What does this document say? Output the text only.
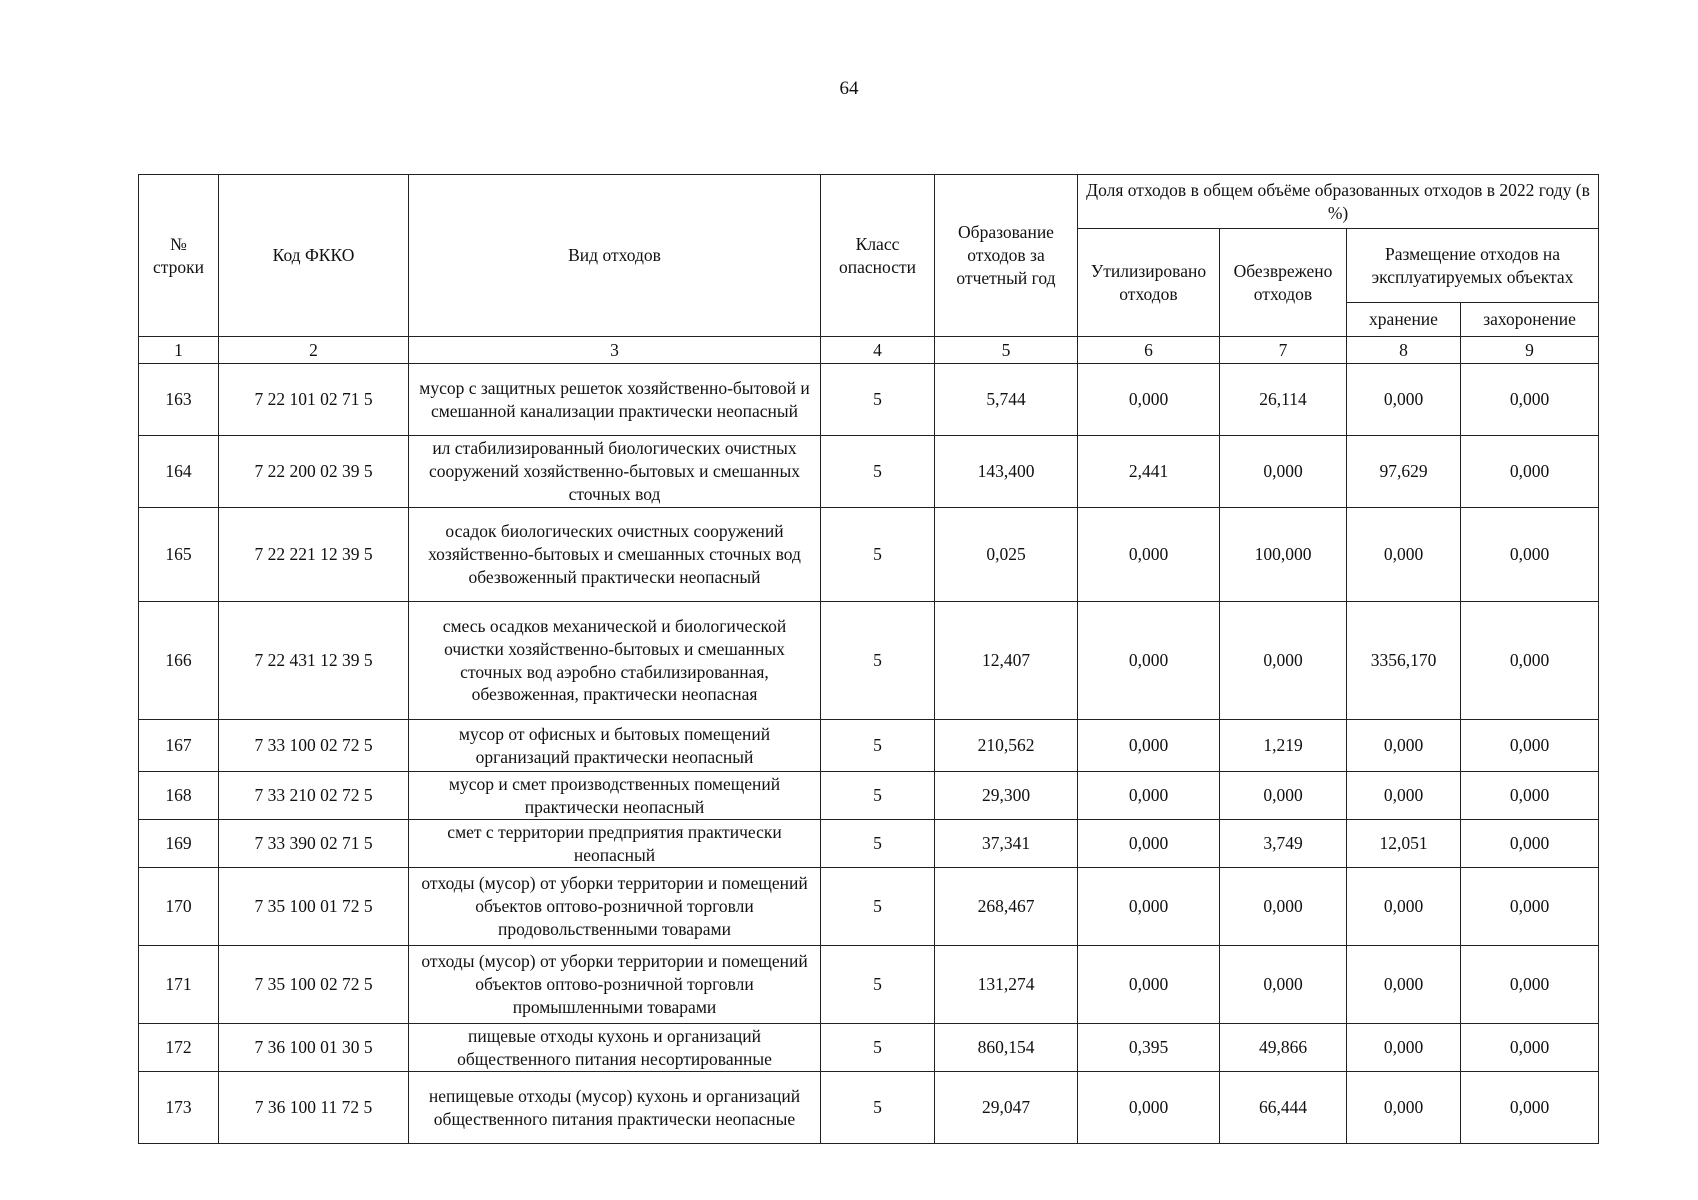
64
№ строки	Код ФККО	Вид отходов	Класс опасности	Образование отходов за отчетный год	Доля отходов в общем объёме образованных отходов в 2022 году (в %)			
					Утилизировано отходов	Обезврежено отходов	Размещение отходов на эксплуатируемых объектах	
							хранение	захоронение
1	2	3	4	5	6	7	8	9
163	7 22 101 02 71 5	мусор с защитных решеток хозяйственно-бытовой и смешанной канализации практически неопасный	5	5,744	0,000	26,114	0,000	0,000
164	7 22 200 02 39 5	ил стабилизированный биологических очистных сооружений хозяйственно-бытовых и смешанных сточных вод	5	143,400	2,441	0,000	97,629	0,000
165	7 22 221 12 39 5	осадок биологических очистных сооружений хозяйственно-бытовых и смешанных сточных вод обезвоженный практически неопасный	5	0,025	0,000	100,000	0,000	0,000
166	7 22 431 12 39 5	смесь осадков механической и биологической очистки хозяйственно-бытовых и смешанных сточных вод аэробно стабилизированная, обезвоженная, практически неопасная	5	12,407	0,000	0,000	3356,170	0,000
167	7 33 100 02 72 5	мусор от офисных и бытовых помещений организаций практически неопасный	5	210,562	0,000	1,219	0,000	0,000
168	7 33 210 02 72 5	мусор и смет производственных помещений практически неопасный	5	29,300	0,000	0,000	0,000	0,000
169	7 33 390 02 71 5	смет с территории предприятия практически неопасный	5	37,341	0,000	3,749	12,051	0,000
170	7 35 100 01 72 5	отходы (мусор) от уборки территории и помещений объектов оптово-розничной торговли продовольственными товарами	5	268,467	0,000	0,000	0,000	0,000
171	7 35 100 02 72 5	отходы (мусор) от уборки территории и помещений объектов оптово-розничной торговли промышленными товарами	5	131,274	0,000	0,000	0,000	0,000
172	7 36 100 01 30 5	пищевые отходы кухонь и организаций общественного питания несортированные	5	860,154	0,395	49,866	0,000	0,000
173	7 36 100 11 72 5	непищевые отходы (мусор) кухонь и организаций общественного питания практически неопасные	5	29,047	0,000	66,444	0,000	0,000
